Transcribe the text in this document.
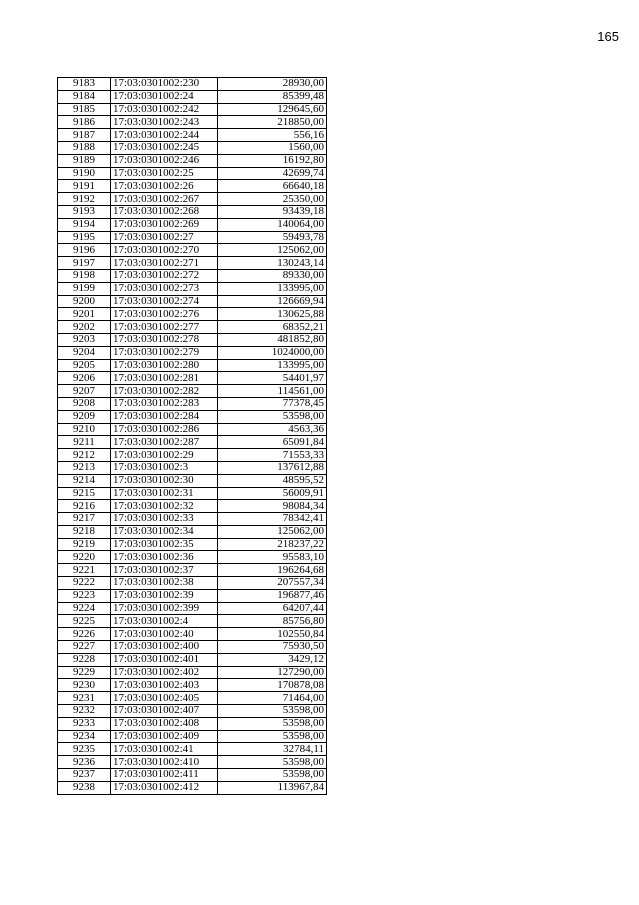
165
9183	17:03:0301002:230	28930,00
9184	17:03:0301002:24	85399,48
9185	17:03:0301002:242	129645,60
9186	17:03:0301002:243	218850,00
9187	17:03:0301002:244	556,16
9188	17:03:0301002:245	1560,00
9189	17:03:0301002:246	16192,80
9190	17:03:0301002:25	42699,74
9191	17:03:0301002:26	66640,18
9192	17:03:0301002:267	25350,00
9193	17:03:0301002:268	93439,18
9194	17:03:0301002:269	140064,00
9195	17:03:0301002:27	59493,78
9196	17:03:0301002:270	125062,00
9197	17:03:0301002:271	130243,14
9198	17:03:0301002:272	89330,00
9199	17:03:0301002:273	133995,00
9200	17:03:0301002:274	126669,94
9201	17:03:0301002:276	130625,88
9202	17:03:0301002:277	68352,21
9203	17:03:0301002:278	481852,80
9204	17:03:0301002:279	1024000,00
9205	17:03:0301002:280	133995,00
9206	17:03:0301002:281	54401,97
9207	17:03:0301002:282	114561,00
9208	17:03:0301002:283	77378,45
9209	17:03:0301002:284	53598,00
9210	17:03:0301002:286	4563,36
9211	17:03:0301002:287	65091,84
9212	17:03:0301002:29	71553,33
9213	17:03:0301002:3	137612,88
9214	17:03:0301002:30	48595,52
9215	17:03:0301002:31	56009,91
9216	17:03:0301002:32	98084,34
9217	17:03:0301002:33	78342,41
9218	17:03:0301002:34	125062,00
9219	17:03:0301002:35	218237,22
9220	17:03:0301002:36	95583,10
9221	17:03:0301002:37	196264,68
9222	17:03:0301002:38	207557,34
9223	17:03:0301002:39	196877,46
9224	17:03:0301002:399	64207,44
9225	17:03:0301002:4	85756,80
9226	17:03:0301002:40	102550,84
9227	17:03:0301002:400	75930,50
9228	17:03:0301002:401	3429,12
9229	17:03:0301002:402	127290,00
9230	17:03:0301002:403	170878,08
9231	17:03:0301002:405	71464,00
9232	17:03:0301002:407	53598,00
9233	17:03:0301002:408	53598,00
9234	17:03:0301002:409	53598,00
9235	17:03:0301002:41	32784,11
9236	17:03:0301002:410	53598,00
9237	17:03:0301002:411	53598,00
9238	17:03:0301002:412	113967,84
